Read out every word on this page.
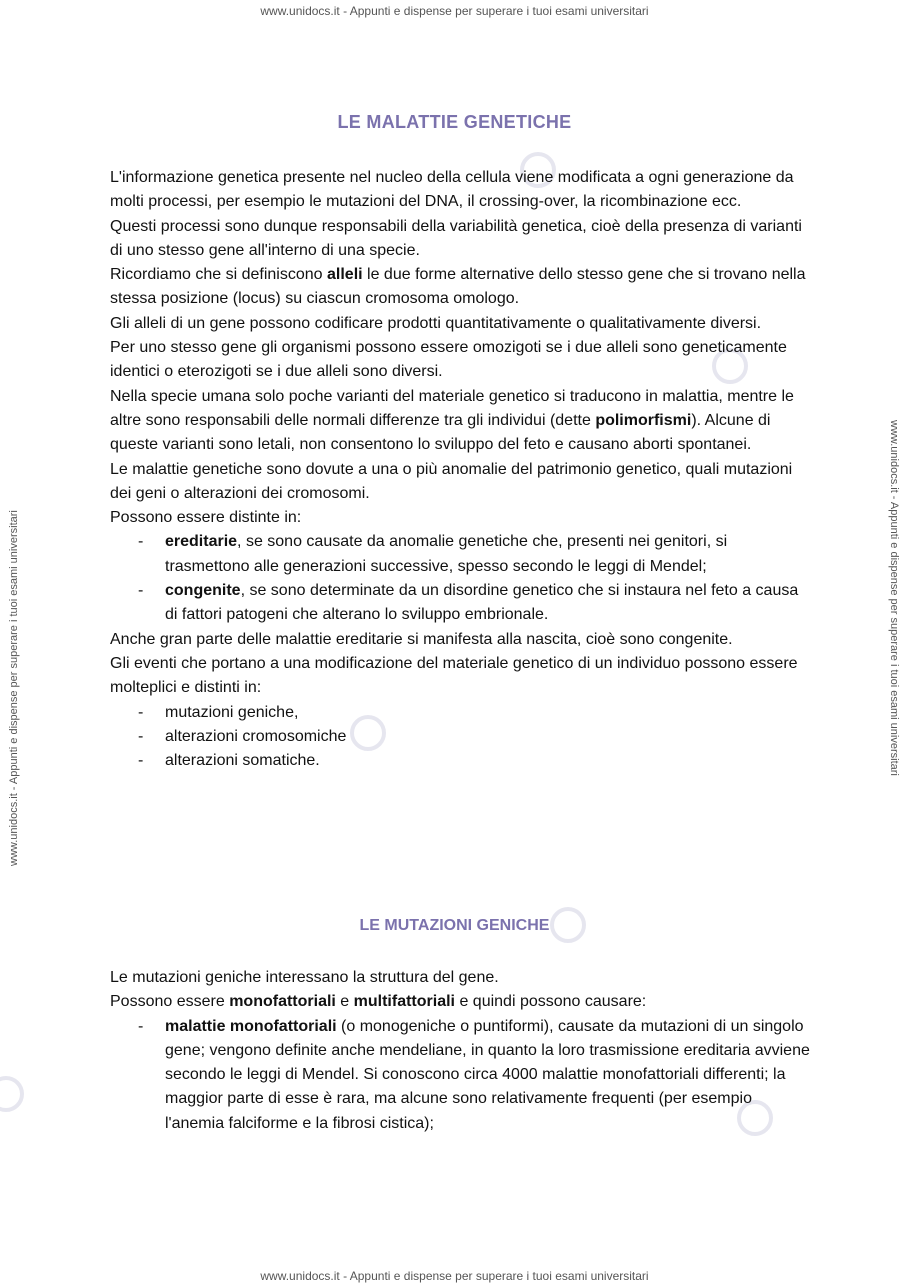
www.unidocs.it - Appunti e dispense per superare i tuoi esami universitari
www.unidocs.it - Appunti e dispense per superare i tuoi esami universitari
www.unidocs.it - Appunti e dispense per superare i tuoi esami universitari	www.unidocs.it - Appunti e dispense per superare i tuoi esami universitari
LE MALATTIE GENETICHE
L'informazione genetica presente nel nucleo della cellula viene modificata a ogni generazione da molti processi, per esempio le mutazioni del DNA, il crossing-over, la ricombinazione ecc.
Questi processi sono dunque responsabili della variabilità genetica, cioè della presenza di varianti di uno stesso gene all'interno di una specie.
Ricordiamo che si definiscono alleli le due forme alternative dello stesso gene che si trovano nella stessa posizione (locus) su ciascun cromosoma omologo.
Gli alleli di un gene possono codificare prodotti quantitativamente o qualitativamente diversi.
Per uno stesso gene gli organismi possono essere omozigoti se i due alleli sono geneticamente identici o eterozigoti se i due alleli sono diversi.
Nella specie umana solo poche varianti del materiale genetico si traducono in malattia, mentre le altre sono responsabili delle normali differenze tra gli individui (dette polimorfismi). Alcune di queste varianti sono letali, non consentono lo sviluppo del feto e causano aborti spontanei.
Le malattie genetiche sono dovute a una o più anomalie del patrimonio genetico, quali mutazioni dei geni o alterazioni dei cromosomi.
Possono essere distinte in:
- ereditarie, se sono causate da anomalie genetiche che, presenti nei genitori, si trasmettono alle generazioni successive, spesso secondo le leggi di Mendel;
- congenite, se sono determinate da un disordine genetico che si instaura nel feto a causa di fattori patogeni che alterano lo sviluppo embrionale.
Anche gran parte delle malattie ereditarie si manifesta alla nascita, cioè sono congenite.
Gli eventi che portano a una modificazione del materiale genetico di un individuo possono essere molteplici e distinti in:
- mutazioni geniche,
- alterazioni cromosomiche
- alterazioni somatiche.
LE MUTAZIONI GENICHE
Le mutazioni geniche interessano la struttura del gene.
Possono essere monofattoriali e multifattoriali e quindi possono causare:
- malattie monofattoriali (o monogeniche o puntiformi), causate da mutazioni di un singolo gene; vengono definite anche mendeliane, in quanto la loro trasmissione ereditaria avviene secondo le leggi di Mendel. Si conoscono circa 4000 malattie monofattoriali differenti; la maggior parte di esse è rara, ma alcune sono relativamente frequenti (per esempio l'anemia falciforme e la fibrosi cistica);
